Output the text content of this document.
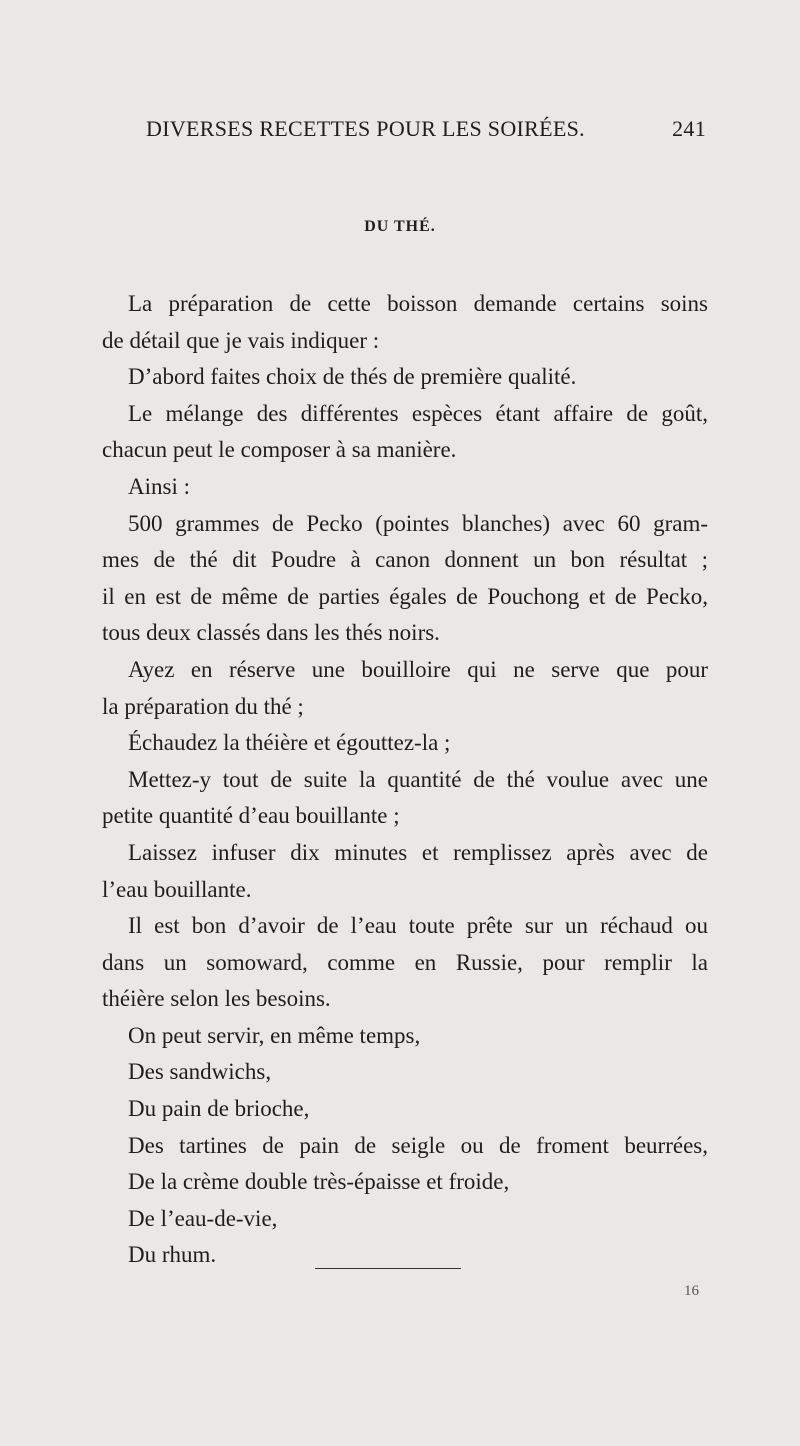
DIVERSES RECETTES POUR LES SOIRÉES.	241
DU THÉ.
La préparation de cette boisson demande certains soins
de détail que je vais indiquer :
D’abord faites choix de thés de première qualité.
Le mélange des différentes espèces étant affaire de goût,
chacun peut le composer à sa manière.
Ainsi :
500 grammes de Pecko (pointes blanches) avec 60 gram-
mes de thé dit Poudre à canon donnent un bon résultat ;
il en est de même de parties égales de Pouchong et de Pecko,
tous deux classés dans les thés noirs.
Ayez en réserve une bouilloire qui ne serve que pour
la préparation du thé ;
Échaudez la théière et égouttez-la ;
Mettez-y tout de suite la quantité de thé voulue avec une
petite quantité d’eau bouillante ;
Laissez infuser dix minutes et remplissez après avec de
l’eau bouillante.
Il est bon d’avoir de l’eau toute prête sur un réchaud ou
dans un somoward, comme en Russie, pour remplir la
théière selon les besoins.
On peut servir, en même temps,
Des sandwichs,
Du pain de brioche,
Des tartines de pain de seigle ou de froment beurrées,
De la crème double très-épaisse et froide,
De l’eau-de-vie,
Du rhum.
16
